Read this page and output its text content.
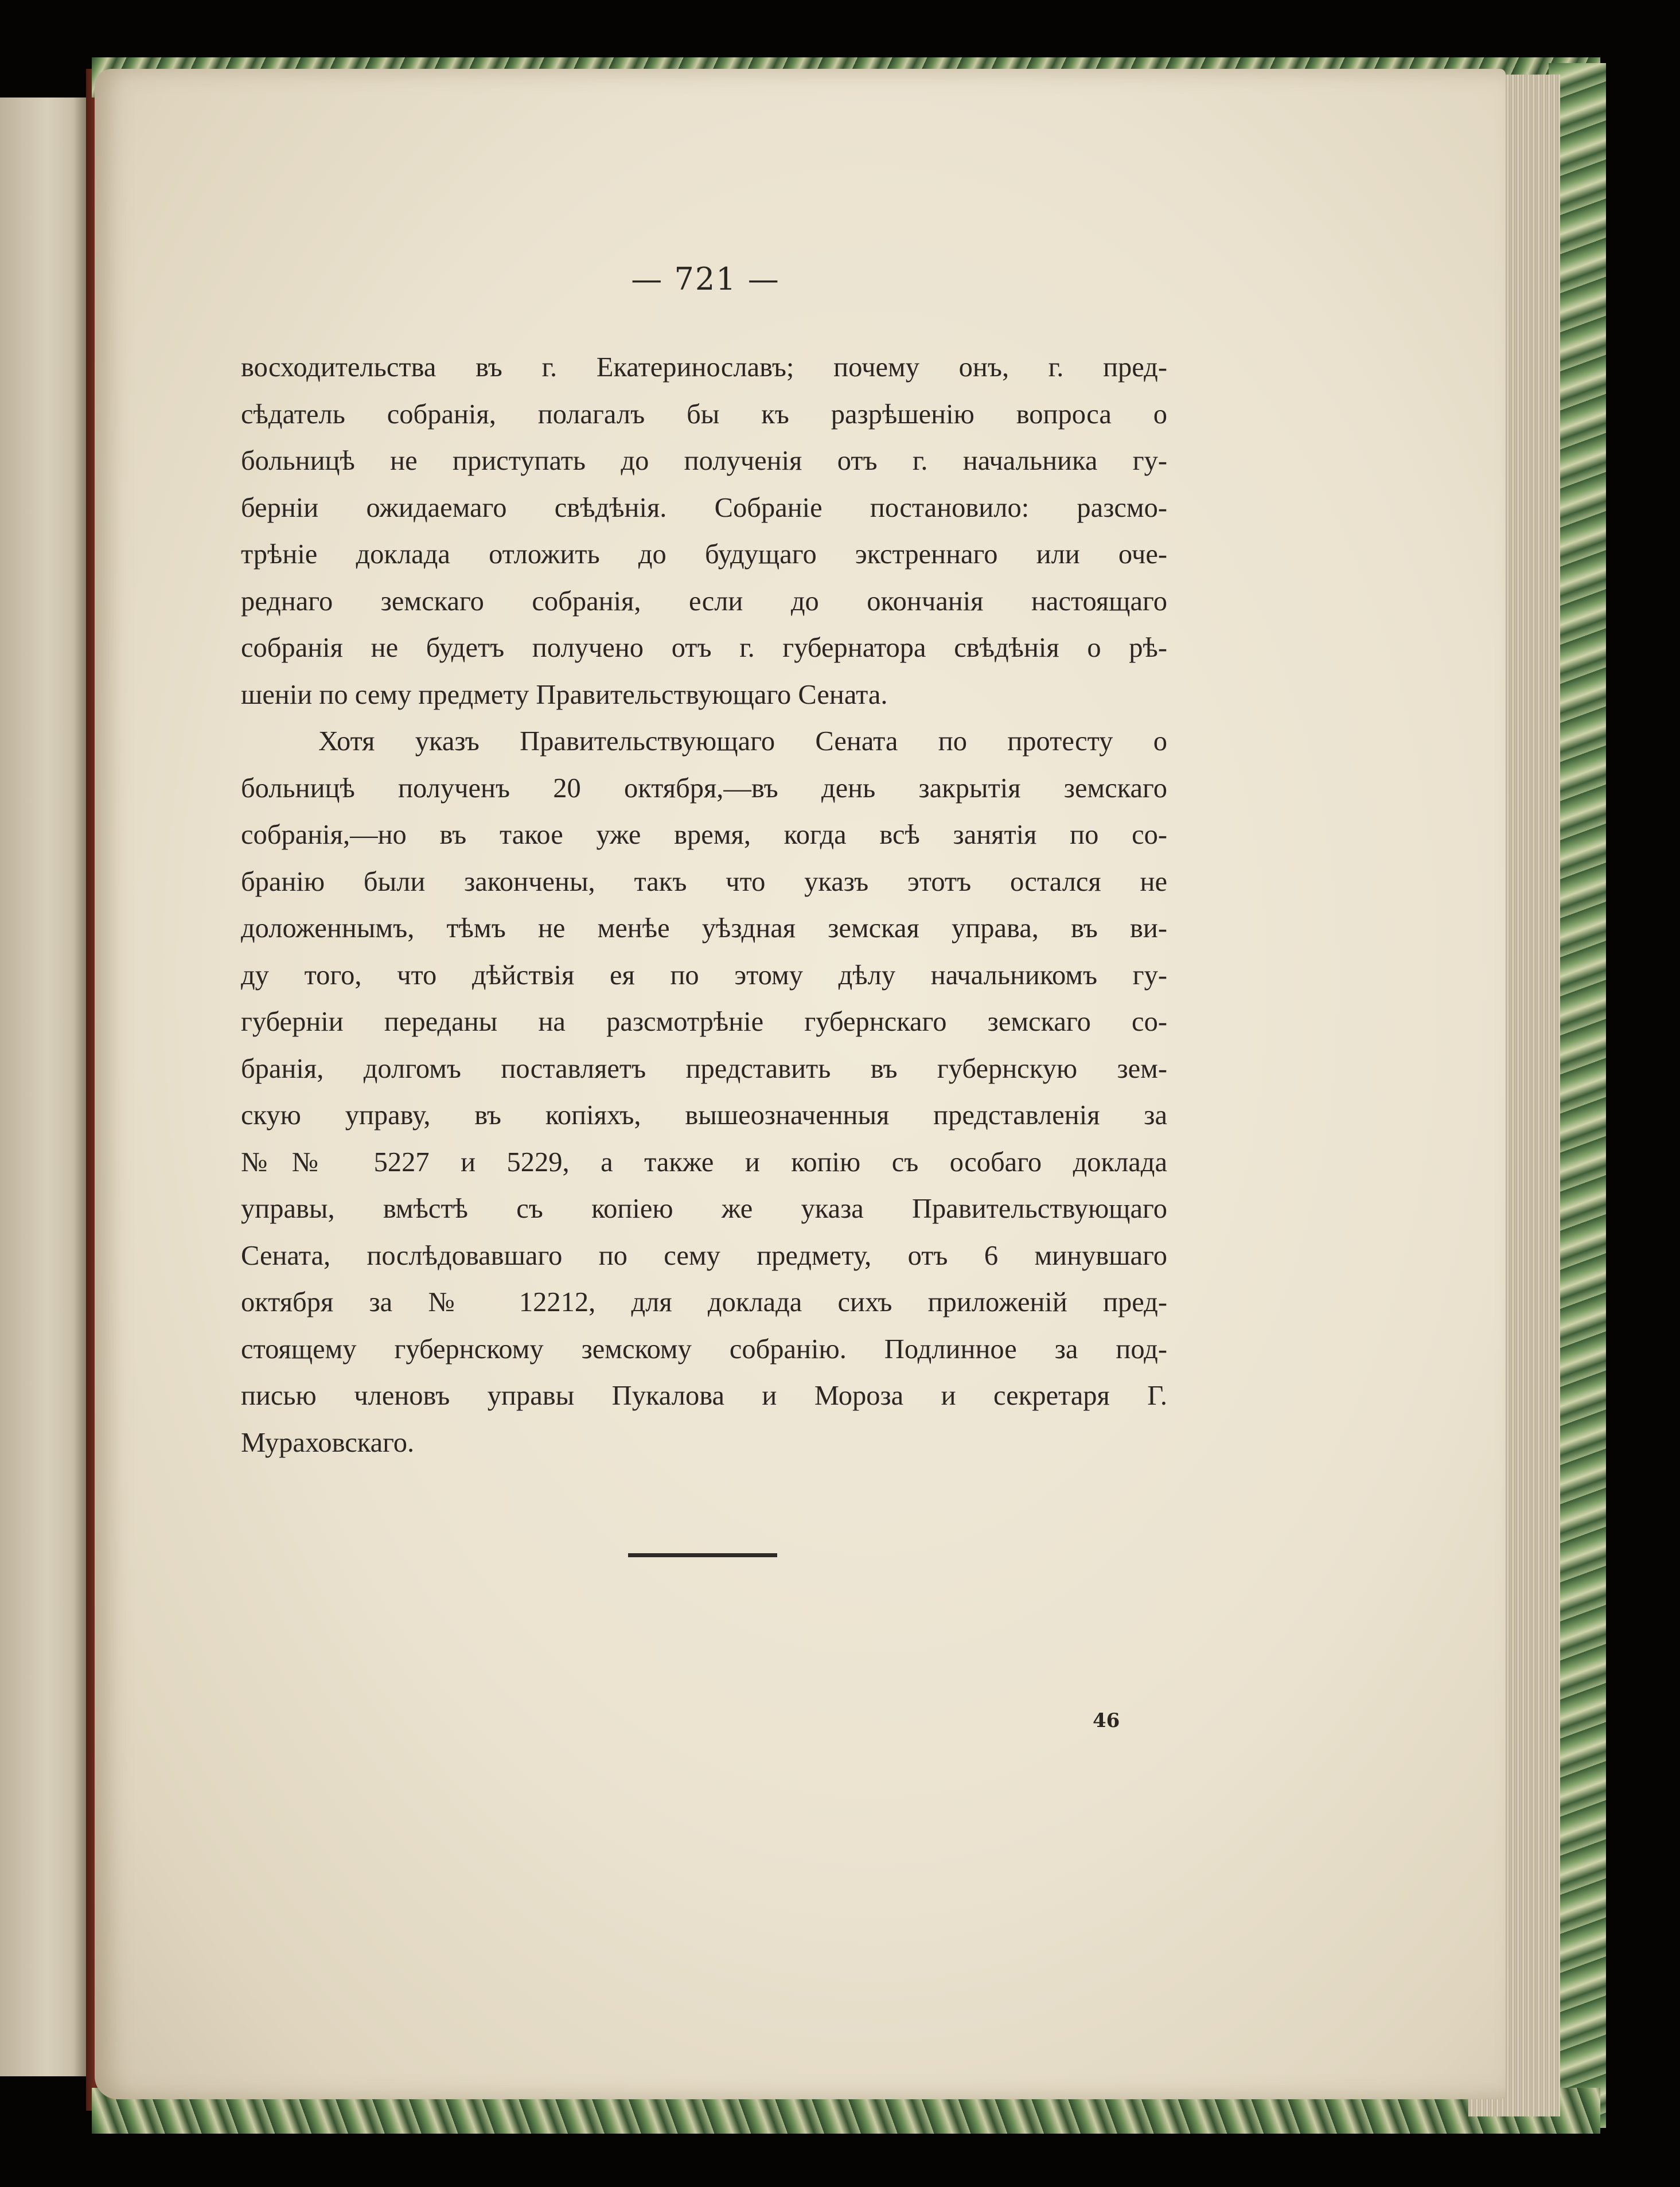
— 721 —
восходительства въ г. Екатеринославъ; почему онъ, г. пред-
сѣдатель собранія, полагалъ бы къ разрѣшенію вопроса о
больницѣ не приступать до полученія отъ г. начальника гу-
берніи ожидаемаго свѣдѣнія. Собраніе постановило: разсмо-
трѣніе доклада отложить до будущаго экстреннаго или оче-
реднаго земскаго собранія, если до окончанія настоящаго
собранія не будетъ получено отъ г. губернатора свѣдѣнія о рѣ-
шеніи по сему предмету Правительствующаго Сената.
Хотя указъ Правительствующаго Сената по протесту о
больницѣ полученъ 20 октября,—въ день закрытія земскаго
собранія,—но въ такое уже время, когда всѣ занятія по со-
бранію были закончены, такъ что указъ этотъ остался не
доложеннымъ, тѣмъ не менѣе уѣздная земская управа, въ ви-
ду того, что дѣйствія ея по этому дѣлу начальникомъ гу-
губерніи переданы на разсмотрѣніе губернскаго земскаго со-
бранія, долгомъ поставляетъ представить въ губернскую зем-
скую управу, въ копіяхъ, вышеозначенныя представленія за
№№ 5227 и 5229, а также и копію съ особаго доклада
управы, вмѣстѣ съ копіею же указа Правительствующаго
Сената, послѣдовавшаго по сему предмету, отъ 6 минувшаго
октября за № 12212, для доклада сихъ приложеній пред-
стоящему губернскому земскому собранію. Подлинное за под-
писью членовъ управы Пукалова и Мороза и секретаря Г.
Мураховскаго.
46
